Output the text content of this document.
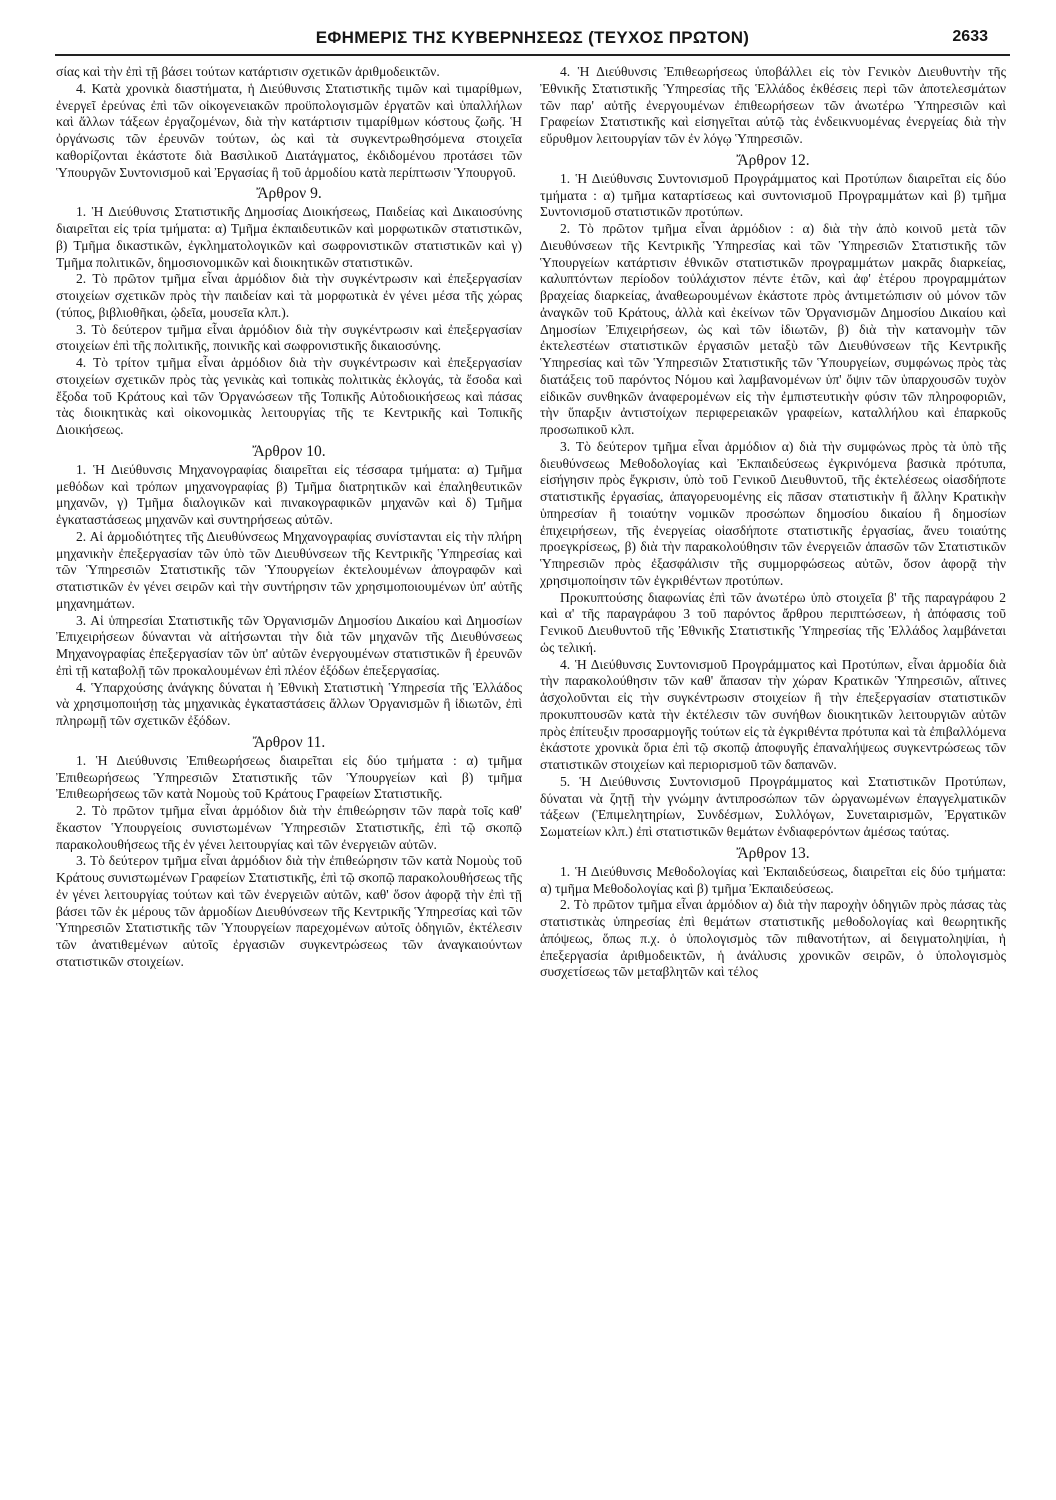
ΕΦΗΜΕΡΙΣ ΤΗΣ ΚΥΒΕΡΝΗΣΕΩΣ (ΤΕΥΧΟΣ ΠΡΩΤΟΝ)	2633

σίας καὶ τὴν ἐπὶ τῇ βάσει τούτων κατάρτισιν σχετικῶν ἀριθμοδεικτῶν.

4. Κατὰ χρονικὰ διαστήματα, ἡ Διεύθυνσις Στατιστικῆς τιμῶν καὶ τιμαρίθμων, ἐνεργεῖ ἐρεύνας ἐπὶ τῶν οἰκογενειακῶν προϋπολογισμῶν ἐργατῶν καὶ ὑπαλλήλων καὶ ἄλλων τάξεων ἐργαζομένων, διὰ τὴν κατάρτισιν τιμαρίθμων κόστους ζωῆς. Ἡ ὀργάνωσις τῶν ἐρευνῶν τούτων, ὡς καὶ τὰ συγκεντρωθησόμενα στοιχεῖα καθορίζονται ἑκάστοτε διὰ Βασιλικοῦ Διατάγματος, ἐκδιδομένου προτάσει τῶν Ὑπουργῶν Συντονισμοῦ καὶ Ἐργασίας ἢ τοῦ ἁρμοδίου κατὰ περίπτωσιν Ὑπουργοῦ.

Ἄρθρον 9.

1. Ἡ Διεύθυνσις Στατιστικῆς Δημοσίας Διοικήσεως, Παιδείας καὶ Δικαιοσύνης διαιρεῖται εἰς τρία τμήματα: α) Τμῆμα ἐκπαιδευτικῶν καὶ μορφωτικῶν στατιστικῶν, β) Τμῆμα δικαστικῶν, ἐγκληματολογικῶν καὶ σωφρονιστικῶν στατιστικῶν καὶ γ) Τμῆμα πολιτικῶν, δημοσιονομικῶν καὶ διοικητικῶν στατιστικῶν.

2. Τὸ πρῶτον τμῆμα εἶναι ἁρμόδιον διὰ τὴν συγκέντρωσιν καὶ ἐπεξεργασίαν στοιχείων σχετικῶν πρὸς τὴν παιδείαν καὶ τὰ μορφωτικὰ ἐν γένει μέσα τῆς χώρας (τύπος, βιβλιοθῆκαι, ᾠδεῖα, μουσεῖα κλπ.).

3. Τὸ δεύτερον τμῆμα εἶναι ἁρμόδιον διὰ τὴν συγκέντρωσιν καὶ ἐπεξεργασίαν στοιχείων ἐπὶ τῆς πολιτικῆς, ποινικῆς καὶ σωφρονιστικῆς δικαιοσύνης.

4. Τὸ τρίτον τμῆμα εἶναι ἁρμόδιον διὰ τὴν συγκέντρωσιν καὶ ἐπεξεργασίαν στοιχείων σχετικῶν πρὸς τὰς γενικὰς καὶ τοπικὰς πολιτικὰς ἐκλογάς, τὰ ἔσοδα καὶ ἔξοδα τοῦ Κράτους καὶ τῶν Ὀργανώσεων τῆς Τοπικῆς Αὐτοδιοικήσεως καὶ πάσας τὰς διοικητικὰς καὶ οἰκονομικὰς λειτουργίας τῆς τε Κεντρικῆς καὶ Τοπικῆς Διοικήσεως.

Ἄρθρον 10.

1. Ἡ Διεύθυνσις Μηχανογραφίας διαιρεῖται εἰς τέσσαρα τμήματα: α) Τμῆμα μεθόδων καὶ τρόπων μηχανογραφίας β) Τμῆμα διατρητικῶν καὶ ἐπαληθευτικῶν μηχανῶν, γ) Τμῆμα διαλογικῶν καὶ πινακογραφικῶν μηχανῶν καὶ δ) Τμῆμα ἐγκαταστάσεως μηχανῶν καὶ συντηρήσεως αὐτῶν.

2. Αἱ ἁρμοδιότητες τῆς Διευθύνσεως Μηχανογραφίας συνίστανται εἰς τὴν πλήρη μηχανικὴν ἐπεξεργασίαν τῶν ὑπὸ τῶν Διευθύνσεων τῆς Κεντρικῆς Ὑπηρεσίας καὶ τῶν Ὑπηρεσιῶν Στατιστικῆς τῶν Ὑπουργείων ἐκτελουμένων ἀπογραφῶν καὶ στατιστικῶν ἐν γένει σειρῶν καὶ τὴν συντήρησιν τῶν χρησιμοποιουμένων ὑπ' αὐτῆς μηχανημάτων.

3. Αἱ ὑπηρεσίαι Στατιστικῆς τῶν Ὀργανισμῶν Δημοσίου Δικαίου καὶ Δημοσίων Ἐπιχειρήσεων δύνανται νὰ αἰτήσωνται τὴν διὰ τῶν μηχανῶν τῆς Διευθύνσεως Μηχανογραφίας ἐπεξεργασίαν τῶν ὑπ' αὐτῶν ἐνεργουμένων στατιστικῶν ἢ ἐρευνῶν ἐπὶ τῇ καταβολῇ τῶν προκαλουμένων ἐπὶ πλέον ἐξόδων ἐπεξεργασίας.

4. Ὑπαρχούσης ἀνάγκης δύναται ἡ Ἐθνικὴ Στατιστικὴ Ὑπηρεσία τῆς Ἑλλάδος νὰ χρησιμοποιήσῃ τὰς μηχανικὰς ἐγκαταστάσεις ἄλλων Ὀργανισμῶν ἢ ἰδιωτῶν, ἐπὶ πληρωμῇ τῶν σχετικῶν ἐξόδων.

Ἄρθρον 11.

1. Ἡ Διεύθυνσις Ἐπιθεωρήσεως διαιρεῖται εἰς δύο τμήματα : α) τμῆμα Ἐπιθεωρήσεως Ὑπηρεσιῶν Στατιστικῆς τῶν Ὑπουργείων καὶ β) τμῆμα Ἐπιθεωρήσεως τῶν κατὰ Νομοὺς τοῦ Κράτους Γραφείων Στατιστικῆς.

2. Τὸ πρῶτον τμῆμα εἶναι ἁρμόδιον διὰ τὴν ἐπιθεώρησιν τῶν παρὰ τοῖς καθ' ἕκαστον Ὑπουργείοις συνιστωμένων Ὑπηρεσιῶν Στατιστικῆς, ἐπὶ τῷ σκοπῷ παρακολουθήσεως τῆς ἐν γένει λειτουργίας καὶ τῶν ἐνεργειῶν αὐτῶν.

3. Τὸ δεύτερον τμῆμα εἶναι ἁρμόδιον διὰ τὴν ἐπιθεώρησιν τῶν κατὰ Νομοὺς τοῦ Κράτους συνιστωμένων Γραφείων Στατιστικῆς, ἐπὶ τῷ σκοπῷ παρακολουθήσεως τῆς ἐν γένει λειτουργίας τούτων καὶ τῶν ἐνεργειῶν αὐτῶν, καθ' ὅσον ἀφορᾷ τὴν ἐπὶ τῇ βάσει τῶν ἐκ μέρους τῶν ἁρμοδίων Διευθύνσεων τῆς Κεντρικῆς Ὑπηρεσίας καὶ τῶν Ὑπηρεσιῶν Στατιστικῆς τῶν Ὑπουργείων παρεχομένων αὐτοῖς ὁδηγιῶν, ἐκτέλεσιν τῶν ἀνατιθεμένων αὐτοῖς ἐργασιῶν συγκεντρώσεως τῶν ἀναγκαιούντων στατιστικῶν στοιχείων.

4. Ἡ Διεύθυνσις Ἐπιθεωρήσεως ὑποβάλλει εἰς τὸν Γενικὸν Διευθυντὴν τῆς Ἐθνικῆς Στατιστικῆς Ὑπηρεσίας τῆς Ἑλλάδος ἐκθέσεις περὶ τῶν ἀποτελεσμάτων τῶν παρ' αὐτῆς ἐνεργουμένων ἐπιθεωρήσεων τῶν ἀνωτέρω Ὑπηρεσιῶν καὶ Γραφείων Στατιστικῆς καὶ εἰσηγεῖται αὐτῷ τὰς ἐνδεικνυομένας ἐνεργείας διὰ τὴν εὔρυθμον λειτουργίαν τῶν ἐν λόγῳ Ὑπηρεσιῶν.

Ἄρθρον 12.

1. Ἡ Διεύθυνσις Συντονισμοῦ Προγράμματος καὶ Προτύπων διαιρεῖται εἰς δύο τμήματα : α) τμῆμα καταρτίσεως καὶ συντονισμοῦ Προγραμμάτων καὶ β) τμῆμα Συντονισμοῦ στατιστικῶν προτύπων.

2. Τὸ πρῶτον τμῆμα εἶναι ἁρμόδιον : α) διὰ τὴν ἀπὸ κοινοῦ μετὰ τῶν Διευθύνσεων τῆς Κεντρικῆς Ὑπηρεσίας καὶ τῶν Ὑπηρεσιῶν Στατιστικῆς τῶν Ὑπουργείων κατάρτισιν ἐθνικῶν στατιστικῶν προγραμμάτων μακρᾶς διαρκείας, καλυπτόντων περίοδον τοὐλάχιστον πέντε ἐτῶν, καὶ ἀφ' ἑτέρου προγραμμάτων βραχείας διαρκείας, ἀναθεωρουμένων ἑκάστοτε πρὸς ἀντιμετώπισιν οὐ μόνον τῶν ἀναγκῶν τοῦ Κράτους, ἀλλὰ καὶ ἐκείνων τῶν Ὀργανισμῶν Δημοσίου Δικαίου καὶ Δημοσίων Ἐπιχειρήσεων, ὡς καὶ τῶν ἰδιωτῶν, β) διὰ τὴν κατανομὴν τῶν ἐκτελεστέων στατιστικῶν ἐργασιῶν μεταξὺ τῶν Διευθύνσεων τῆς Κεντρικῆς Ὑπηρεσίας καὶ τῶν Ὑπηρεσιῶν Στατιστικῆς τῶν Ὑπουργείων, συμφώνως πρὸς τὰς διατάξεις τοῦ παρόντος Νόμου καὶ λαμβανομένων ὑπ' ὄψιν τῶν ὑπαρχουσῶν τυχὸν εἰδικῶν συνθηκῶν ἀναφερομένων εἰς τὴν ἐμπιστευτικὴν φύσιν τῶν πληροφοριῶν, τὴν ὕπαρξιν ἀντιστοίχων περιφερειακῶν γραφείων, καταλλήλου καὶ ἐπαρκοῦς προσωπικοῦ κλπ.

3. Τὸ δεύτερον τμῆμα εἶναι ἁρμόδιον α) διὰ τὴν συμφώνως πρὸς τὰ ὑπὸ τῆς διευθύνσεως Μεθοδολογίας καὶ Ἐκπαιδεύσεως ἐγκρινόμενα βασικὰ πρότυπα, εἰσήγησιν πρὸς ἔγκρισιν, ὑπὸ τοῦ Γενικοῦ Διευθυντοῦ, τῆς ἐκτελέσεως οἱασδήποτε στατιστικῆς ἐργασίας, ἀπαγορευομένης εἰς πᾶσαν στατιστικὴν ἢ ἄλλην Κρατικὴν ὑπηρεσίαν ἢ τοιαύτην νομικῶν προσώπων δημοσίου δικαίου ἢ δημοσίων ἐπιχειρήσεων, τῆς ἐνεργείας οἱασδήποτε στατιστικῆς ἐργασίας, ἄνευ τοιαύτης προεγκρίσεως, β) διὰ τὴν παρακολούθησιν τῶν ἐνεργειῶν ἁπασῶν τῶν Στατιστικῶν Ὑπηρεσιῶν πρὸς ἐξασφάλισιν τῆς συμμορφώσεως αὐτῶν, ὅσον ἀφορᾷ τὴν χρησιμοποίησιν τῶν ἐγκριθέντων προτύπων.

Προκυπτούσης διαφωνίας ἐπὶ τῶν ἀνωτέρω ὑπὸ στοιχεῖα β' τῆς παραγράφου 2 καὶ α' τῆς παραγράφου 3 τοῦ παρόντος ἄρθρου περιπτώσεων, ἡ ἀπόφασις τοῦ Γενικοῦ Διευθυντοῦ τῆς Ἐθνικῆς Στατιστικῆς Ὑπηρεσίας τῆς Ἑλλάδος λαμβάνεται ὡς τελική.

4. Ἡ Διεύθυνσις Συντονισμοῦ Προγράμματος καὶ Προτύπων, εἶναι ἁρμοδία διὰ τὴν παρακολούθησιν τῶν καθ' ἅπασαν τὴν χώραν Κρατικῶν Ὑπηρεσιῶν, αἵτινες ἀσχολοῦνται εἰς τὴν συγκέντρωσιν στοιχείων ἢ τὴν ἐπεξεργασίαν στατιστικῶν προκυπτουσῶν κατὰ τὴν ἐκτέλεσιν τῶν συνήθων διοικητικῶν λειτουργιῶν αὐτῶν πρὸς ἐπίτευξιν προσαρμογῆς τούτων εἰς τὰ ἐγκριθέντα πρότυπα καὶ τὰ ἐπιβαλλόμενα ἑκάστοτε χρονικὰ ὅρια ἐπὶ τῷ σκοπῷ ἀποφυγῆς ἐπαναλήψεως συγκεντρώσεως τῶν στατιστικῶν στοιχείων καὶ περιορισμοῦ τῶν δαπανῶν.

5. Ἡ Διεύθυνσις Συντονισμοῦ Προγράμματος καὶ Στατιστικῶν Προτύπων, δύναται νὰ ζητῇ τὴν γνώμην ἀντιπροσώπων τῶν ὠργανωμένων ἐπαγγελματικῶν τάξεων (Ἐπιμελητηρίων, Συνδέσμων, Συλλόγων, Συνεταιρισμῶν, Ἐργατικῶν Σωματείων κλπ.) ἐπὶ στατιστικῶν θεμάτων ἐνδιαφερόντων ἀμέσως ταύτας.

Ἄρθρον 13.

1. Ἡ Διεύθυνσις Μεθοδολογίας καὶ Ἐκπαιδεύσεως, διαιρεῖται εἰς δύο τμήματα: α) τμῆμα Μεθοδολογίας καὶ β) τμῆμα Ἐκπαιδεύσεως.

2. Τὸ πρῶτον τμῆμα εἶναι ἁρμόδιον α) διὰ τὴν παροχὴν ὁδηγιῶν πρὸς πάσας τὰς στατιστικὰς ὑπηρεσίας ἐπὶ θεμάτων στατιστικῆς μεθοδολογίας καὶ θεωρητικῆς ἀπόψεως, ὅπως π.χ. ὁ ὑπολογισμὸς τῶν πιθανοτήτων, αἱ δειγματοληψίαι, ἡ ἐπεξεργασία ἀριθμοδεικτῶν, ἡ ἀνάλυσις χρονικῶν σειρῶν, ὁ ὑπολογισμὸς συσχετίσεως τῶν μεταβλητῶν καὶ τέλος
